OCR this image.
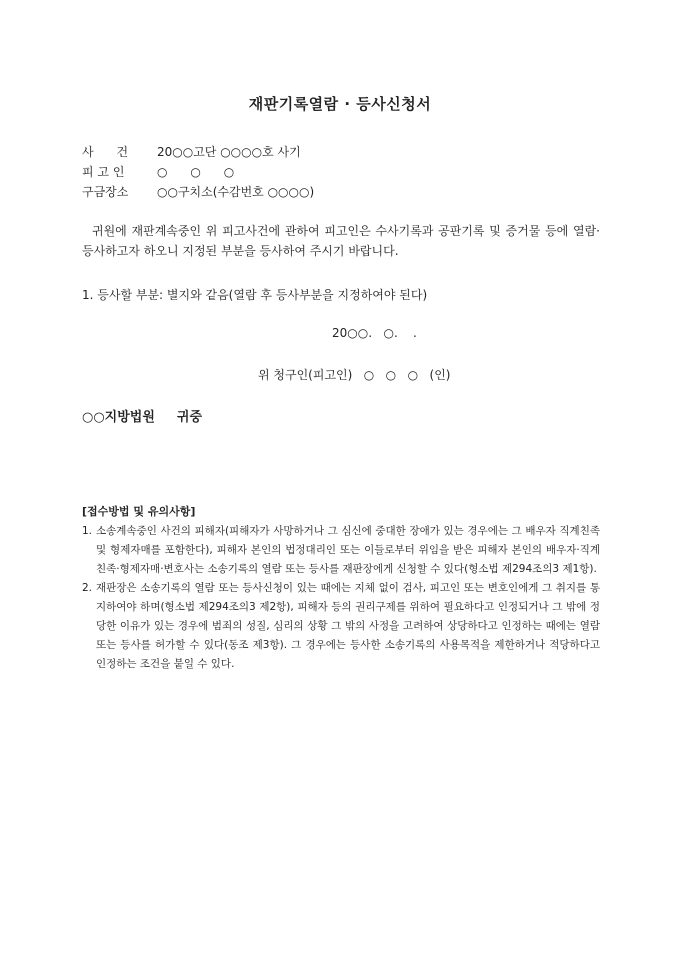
재판기록열람 · 등사신청서
사      건 20○○고단 ○○○○호 사기
피 고 인	○      ○      ○
구금장소 ○○구치소(수감번호 ○○○○)
귀원에 재판계속중인 위 피고사건에 관하여 피고인은 수사기록과 공판기록 및 증거물 등에 열람·등사하고자 하오니 지정된 부분을 등사하여 주시기 바랍니다.
1. 등사할 부분: 별지와 같음(열람 후 등사부분을 지정하여야 된다)
20○○.   ○.    .
위 청구인(피고인)   ○   ○   ○   (인)
○○지방법원 귀중
[접수방법 및 유의사항]
1. 소송계속중인 사건의 피해자(피해자가 사망하거나 그 심신에 중대한 장애가 있는 경우에는 그 배우자 직계친족 및 형제자매를 포함한다), 피해자 본인의 법정대리인 또는 이들로부터 위임을 받은 피해자 본인의 배우자·직계친족·형제자매·변호사는 소송기록의 열람 또는 등사를 재판장에게 신청할 수 있다(형소법 제294조의3 제1항).
2. 재판장은 소송기록의 열람 또는 등사신청이 있는 때에는 지체 없이 검사, 피고인 또는 변호인에게 그 취지를 통지하여야 하며(형소법 제294조의3 제2항), 피해자 등의 권리구제를 위하여 필요하다고 인정되거나 그 밖에 정당한 이유가 있는 경우에 범죄의 성질, 심리의 상황 그 밖의 사정을 고려하여 상당하다고 인정하는 때에는 열람 또는 등사를 허가할 수 있다(동조 제3항). 그 경우에는 등사한 소송기록의 사용목적을 제한하거나 적당하다고 인정하는 조건을 붙일 수 있다.
